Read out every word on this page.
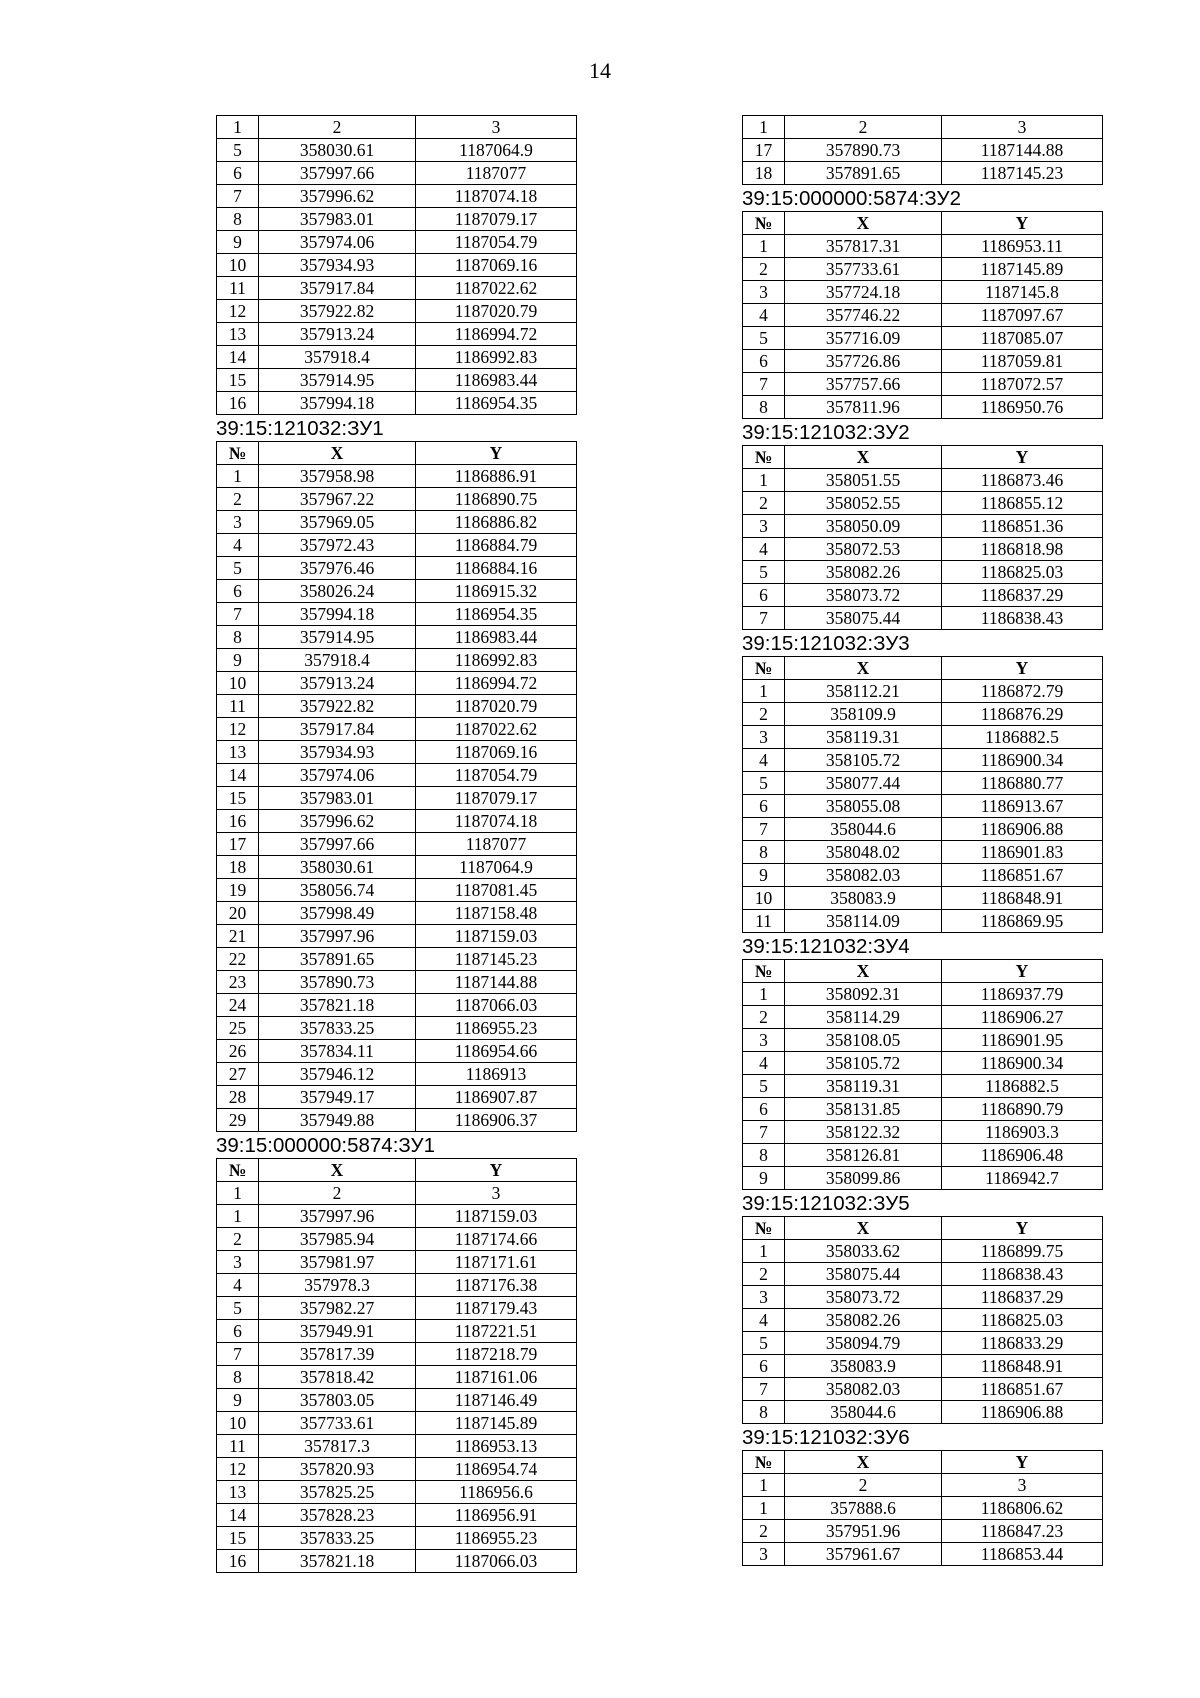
14
1	2	3
5	358030.61	1187064.9
6	357997.66	1187077
7	357996.62	1187074.18
8	357983.01	1187079.17
9	357974.06	1187054.79
10	357934.93	1187069.16
11	357917.84	1187022.62
12	357922.82	1187020.79
13	357913.24	1186994.72
14	357918.4	1186992.83
15	357914.95	1186983.44
16	357994.18	1186954.35
39:15:121032:ЗУ1
№	X	Y
1	357958.98	1186886.91
2	357967.22	1186890.75
3	357969.05	1186886.82
4	357972.43	1186884.79
5	357976.46	1186884.16
6	358026.24	1186915.32
7	357994.18	1186954.35
8	357914.95	1186983.44
9	357918.4	1186992.83
10	357913.24	1186994.72
11	357922.82	1187020.79
12	357917.84	1187022.62
13	357934.93	1187069.16
14	357974.06	1187054.79
15	357983.01	1187079.17
16	357996.62	1187074.18
17	357997.66	1187077
18	358030.61	1187064.9
19	358056.74	1187081.45
20	357998.49	1187158.48
21	357997.96	1187159.03
22	357891.65	1187145.23
23	357890.73	1187144.88
24	357821.18	1187066.03
25	357833.25	1186955.23
26	357834.11	1186954.66
27	357946.12	1186913
28	357949.17	1186907.87
29	357949.88	1186906.37
39:15:000000:5874:ЗУ1
№	X	Y
1	2	3
1	357997.96	1187159.03
2	357985.94	1187174.66
3	357981.97	1187171.61
4	357978.3	1187176.38
5	357982.27	1187179.43
6	357949.91	1187221.51
7	357817.39	1187218.79
8	357818.42	1187161.06
9	357803.05	1187146.49
10	357733.61	1187145.89
11	357817.3	1186953.13
12	357820.93	1186954.74
13	357825.25	1186956.6
14	357828.23	1186956.91
15	357833.25	1186955.23
16	357821.18	1187066.03
1	2	3
17	357890.73	1187144.88
18	357891.65	1187145.23
39:15:000000:5874:ЗУ2
№	X	Y
1	357817.31	1186953.11
2	357733.61	1187145.89
3	357724.18	1187145.8
4	357746.22	1187097.67
5	357716.09	1187085.07
6	357726.86	1187059.81
7	357757.66	1187072.57
8	357811.96	1186950.76
39:15:121032:ЗУ2
№	X	Y
1	358051.55	1186873.46
2	358052.55	1186855.12
3	358050.09	1186851.36
4	358072.53	1186818.98
5	358082.26	1186825.03
6	358073.72	1186837.29
7	358075.44	1186838.43
39:15:121032:ЗУ3
№	X	Y
1	358112.21	1186872.79
2	358109.9	1186876.29
3	358119.31	1186882.5
4	358105.72	1186900.34
5	358077.44	1186880.77
6	358055.08	1186913.67
7	358044.6	1186906.88
8	358048.02	1186901.83
9	358082.03	1186851.67
10	358083.9	1186848.91
11	358114.09	1186869.95
39:15:121032:ЗУ4
№	X	Y
1	358092.31	1186937.79
2	358114.29	1186906.27
3	358108.05	1186901.95
4	358105.72	1186900.34
5	358119.31	1186882.5
6	358131.85	1186890.79
7	358122.32	1186903.3
8	358126.81	1186906.48
9	358099.86	1186942.7
39:15:121032:ЗУ5
№	X	Y
1	358033.62	1186899.75
2	358075.44	1186838.43
3	358073.72	1186837.29
4	358082.26	1186825.03
5	358094.79	1186833.29
6	358083.9	1186848.91
7	358082.03	1186851.67
8	358044.6	1186906.88
39:15:121032:ЗУ6
№	X	Y
1	2	3
1	357888.6	1186806.62
2	357951.96	1186847.23
3	357961.67	1186853.44
